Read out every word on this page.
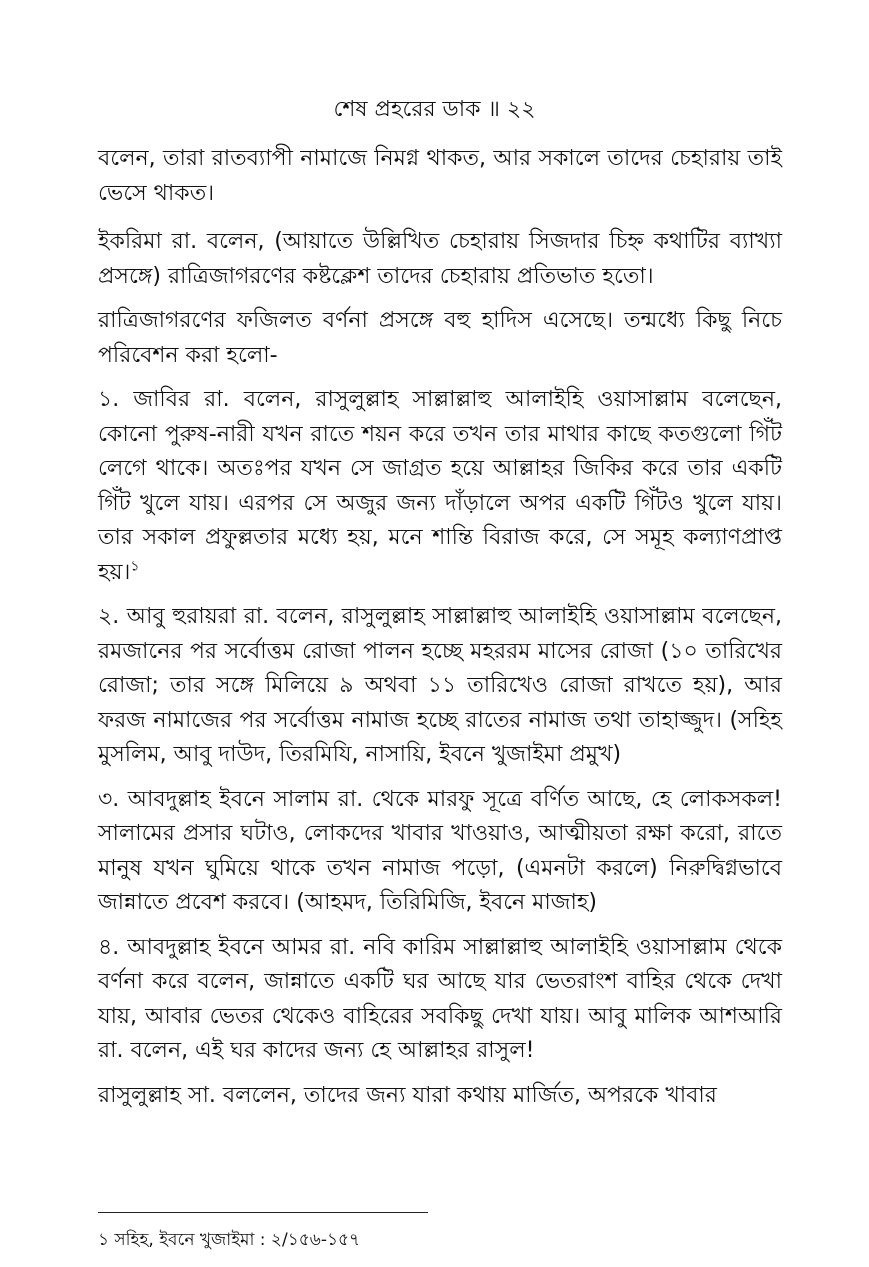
শেষ প্রহরের ডাক ॥ ২২

বলেন, তারা রাতব্যাপী নামাজে নিমগ্ন থাকত, আর সকালে তাদের চেহারায় তাই ভেসে থাকত।

ইকরিমা রা. বলেন, (আয়াতে উল্লিখিত চেহারায় সিজদার চিহ্ন কথাটির ব্যাখ্যা প্রসঙ্গে) রাত্রিজাগরণের কষ্টক্লেশ তাদের চেহারায় প্রতিভাত হতো।

রাত্রিজাগরণের ফজিলত বর্ণনা প্রসঙ্গে বহু হাদিস এসেছে। তন্মধ্যে কিছু নিচে পরিবেশন করা হলো-

১. জাবির রা. বলেন, রাসুলুল্লাহ সাল্লাল্লাহু আলাইহি ওয়াসাল্লাম বলেছেন, কোনো পুরুষ-নারী যখন রাতে শয়ন করে তখন তার মাথার কাছে কতগুলো গিঁট লেগে থাকে। অতঃপর যখন সে জাগ্রত হয়ে আল্লাহর জিকির করে তার একটি গিঁট খুলে যায়। এরপর সে অজুর জন্য দাঁড়ালে অপর একটি গিঁটও খুলে যায়। তার সকাল প্রফুল্লতার মধ্যে হয়, মনে শান্তি বিরাজ করে, সে সমূহ কল্যাণপ্রাপ্ত হয়।$^১$

২. আবু হুরায়রা রা. বলেন, রাসুলুল্লাহ সাল্লাল্লাহু আলাইহি ওয়াসাল্লাম বলেছেন, রমজানের পর সর্বোত্তম রোজা পালন হচ্ছে মহররম মাসের রোজা (১০ তারিখের রোজা; তার সঙ্গে মিলিয়ে ৯ অথবা ১১ তারিখেও রোজা রাখতে হয়), আর ফরজ নামাজের পর সর্বোত্তম নামাজ হচ্ছে রাতের নামাজ তথা তাহাজ্জুদ। (সহিহ মুসলিম, আবু দাউদ, তিরমিযি, নাসায়ি, ইবনে খুজাইমা প্রমুখ)

৩. আবদুল্লাহ ইবনে সালাম রা. থেকে মারফু সূত্রে বর্ণিত আছে, হে লোকসকল! সালামের প্রসার ঘটাও, লোকদের খাবার খাওয়াও, আত্মীয়তা রক্ষা করো, রাতে মানুষ যখন ঘুমিয়ে থাকে তখন নামাজ পড়ো, (এমনটা করলে) নিরুদ্বিগ্নভাবে জান্নাতে প্রবেশ করবে। (আহমদ, তিরিমিজি, ইবনে মাজাহ)

৪. আবদুল্লাহ ইবনে আমর রা. নবি কারিম সাল্লাল্লাহু আলাইহি ওয়াসাল্লাম থেকে বর্ণনা করে বলেন, জান্নাতে একটি ঘর আছে যার ভেতরাংশ বাহির থেকে দেখা যায়, আবার ভেতর থেকেও বাহিরের সবকিছু দেখা যায়। আবু মালিক আশআরি রা. বলেন, এই ঘর কাদের জন্য হে আল্লাহর রাসুল!

রাসুলুল্লাহ সা. বললেন, তাদের জন্য যারা কথায় মার্জিত, অপরকে খাবার

১ সহিহ, ইবনে খুজাইমা : ২/১৫৬-১৫৭
